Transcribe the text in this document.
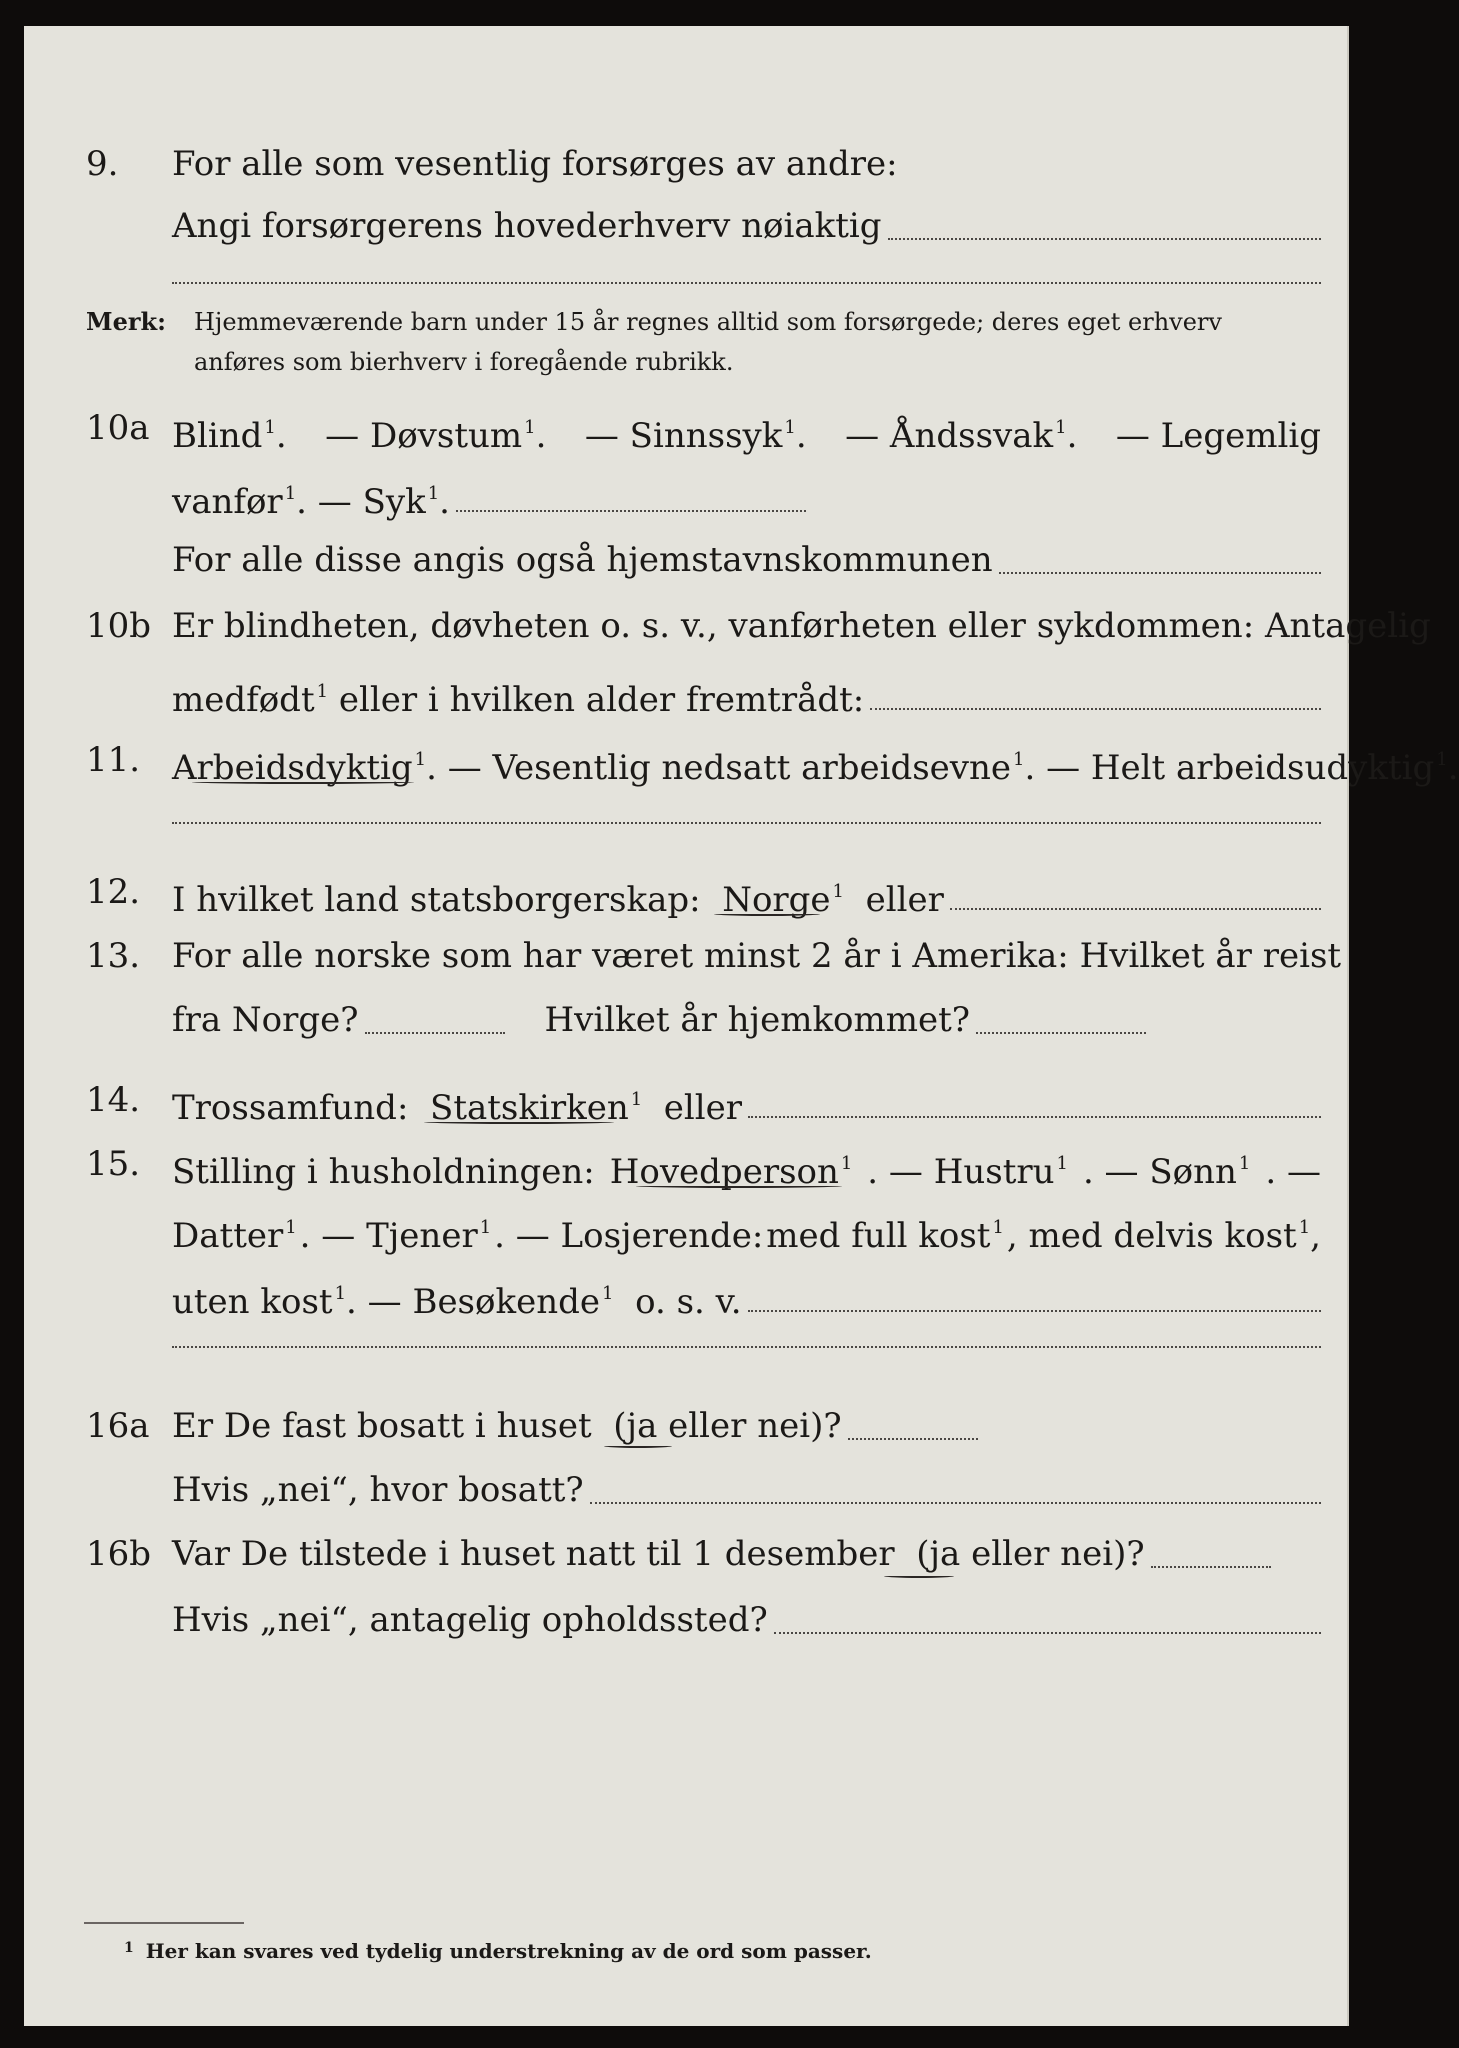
9.	For alle som vesentlig forsørges av andre:
Angi forsørgerens hovederhverv nøiaktig
Merk: Hjemmeværende barn under 15 år regnes alltid som forsørgede; deres eget erhverv
anføres som bierhverv i foregående rubrikk.
10a Blind $^1$. — Døvstum $^1$. — Sinnssyk $^1$. — Åndssvak $^1$. — Legemlig
vanfør $^1$. — Syk $^1$.
For alle disse angis også hjemstavnskommunen
10b Er blindheten, døvheten o. s. v., vanførheten eller sykdommen: Antagelig
medfødt $^1$ eller i hvilken alder fremtrådt:
11. Arbeidsdyktig $^1$ . — Vesentlig nedsatt arbeidsevne $^1$ . — Helt arbeidsudyktig $^1$ .
12. I hvilket land statsborgerskap:
Norge $^1$
eller
13. For alle norske som har været minst 2 år i Amerika: Hvilket år reist
fra Norge?	Hvilket år hjemkommet?
14. Trossamfund:
Statskirken $^1$
eller
15. Stilling i husholdningen: Hovedperson $^1$ . — Hustru $^1$ . — Sønn $^1$ . —
Datter $^1$ . — Tjener $^1$ . — Losjerende: med full kost $^1$ , med delvis kost $^1$,
uten kost $^1$ . — Besøkende $^1$ o. s. v.
16a Er De fast bosatt i huset
(ja eller nei)?
Hvis „nei“, hvor bosatt?
16b Var De tilstede i huset natt til 1 desember
(ja eller nei)?
Hvis „nei“, antagelig opholdssted?
$^1$ Her kan svares ved tydelig understrekning av de ord som passer.
